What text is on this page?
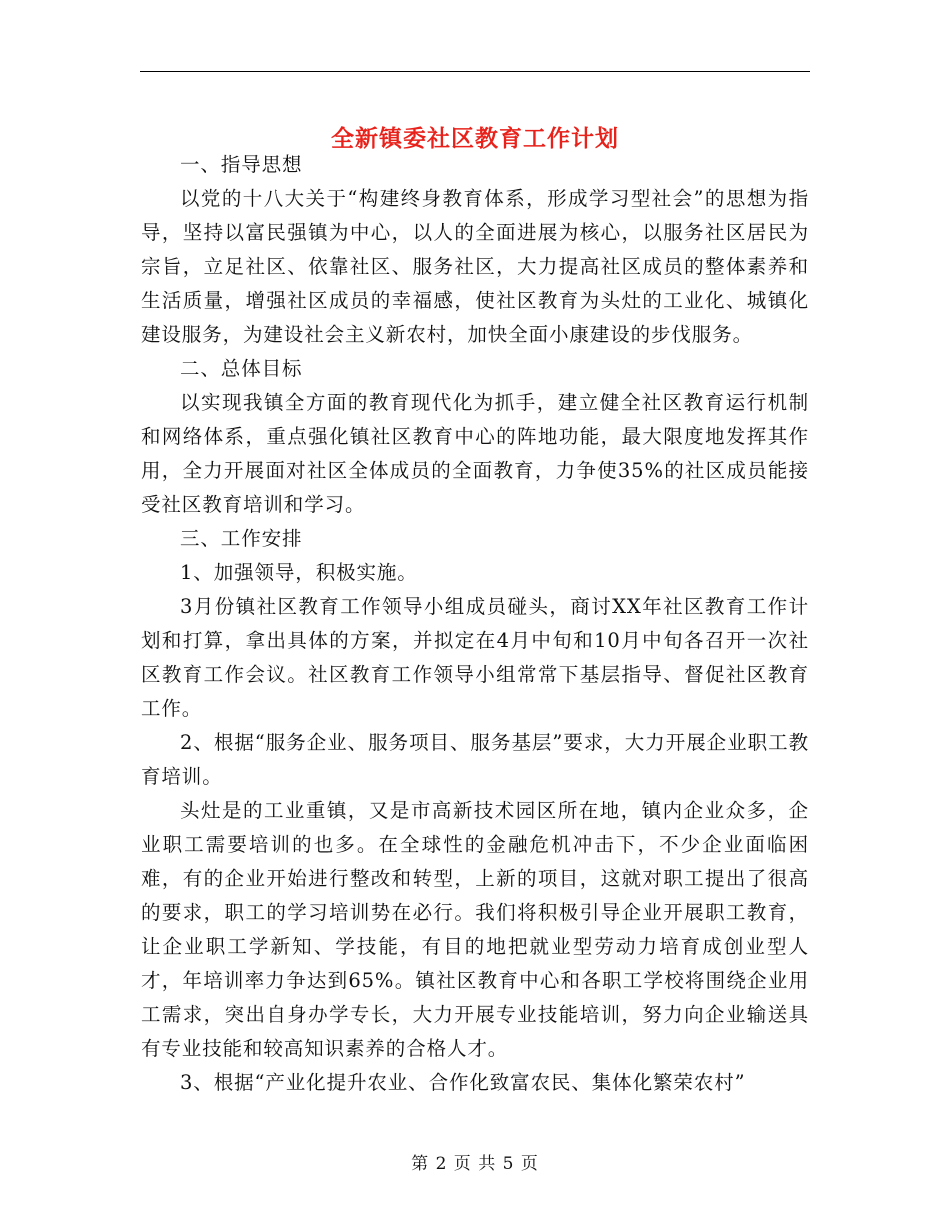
全新镇委社区教育工作计划

一、指导思想

以党的十八大关于“构建终身教育体系，形成学习型社会”的思想为指导，坚持以富民强镇为中心，以人的全面进展为核心，以服务社区居民为宗旨，立足社区、依靠社区、服务社区，大力提高社区成员的整体素养和生活质量，增强社区成员的幸福感，使社区教育为头灶的工业化、城镇化建设服务，为建设社会主义新农村，加快全面小康建设的步伐服务。

二、总体目标

以实现我镇全方面的教育现代化为抓手，建立健全社区教育运行机制和网络体系，重点强化镇社区教育中心的阵地功能，最大限度地发挥其作用，全力开展面对社区全体成员的全面教育，力争使35%的社区成员能接受社区教育培训和学习。

三、工作安排

1、加强领导，积极实施。

3月份镇社区教育工作领导小组成员碰头，商讨XX年社区教育工作计划和打算，拿出具体的方案，并拟定在4月中旬和10月中旬各召开一次社区教育工作会议。社区教育工作领导小组常常下基层指导、督促社区教育工作。

2、根据“服务企业、服务项目、服务基层”要求，大力开展企业职工教育培训。

头灶是的工业重镇，又是市高新技术园区所在地，镇内企业众多，企业职工需要培训的也多。在全球性的金融危机冲击下，不少企业面临困难，有的企业开始进行整改和转型，上新的项目，这就对职工提出了很高的要求，职工的学习培训势在必行。我们将积极引导企业开展职工教育，让企业职工学新知、学技能，有目的地把就业型劳动力培育成创业型人才，年培训率力争达到65%。镇社区教育中心和各职工学校将围绕企业用工需求，突出自身办学专长，大力开展专业技能培训，努力向企业输送具有专业技能和较高知识素养的合格人才。

3、根据“产业化提升农业、合作化致富农民、集体化繁荣农村”

第 2 页 共 5 页
